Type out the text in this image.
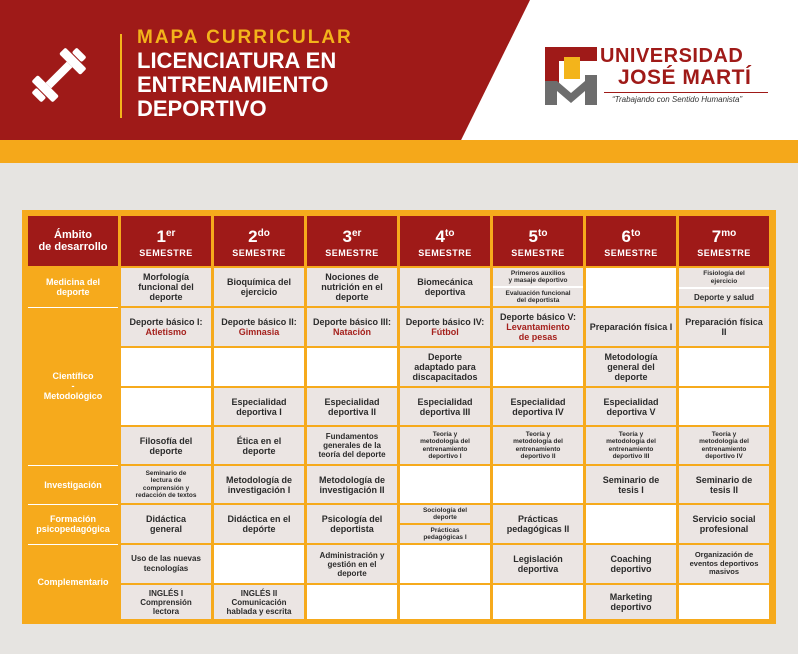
MAPA CURRICULAR
LICENCIATURA EN
ENTRENAMIENTO
DEPORTIVO
UNIVERSIDAD
JOSÉ MARTÍ
“Trabajando con Sentido Humanista”
Ámbito
de desarrollo
1er
SEMESTRE
$2^{do}$
SEMESTRE
3er
SEMESTRE
$4^{to}$
SEMESTRE
$5^{to}$
SEMESTRE
$6^{to}$
SEMESTRE
$7^{mo}$
SEMESTRE
Medicina del
deporte
Científico
-
Metodológico
Investigación
Formación
psicopedagógica
Complementario
Morfología
funcional del
deporte
Bioquímica del
ejercicio
Nociones de
nutrición en el
deporte
Biomecánica
deportiva
Primeros auxilios
y masaje deportivo
Evaluación funcional
del deportista
Fisiología del
ejercicio
Deporte y salud
Deporte básico I:
Atletismo
Deporte básico II:
Gimnasia
Deporte básico III:
Natación
Deporte básico IV:
Fútbol
Deporte básico V:
Levantamiento
de pesas
Preparación física I	Preparación física II
Deporte
adaptado para
discapacitados
Metodología
general del
deporte
Especialidad
deportiva I
Especialidad
deportiva II
Especialidad
deportiva III
Especialidad
deportiva IV
Especialidad
deportiva V
Filosofía del
deporte
Ética en el
deporte
Fundamentos
generales de la
teoría del deporte
Teoría y
metodología del
entrenamiento
deportivo I
Teoría y
metodología del
entrenamiento
deportivo II
Teoría y
metodología del
entrenamiento
deportivo III
Teoría y
metodología del
entrenamiento
deportivo IV
Seminario de
lectura de
comprensión y
redacción de textos
Metodología de
investigación I
Metodología de
investigación II
Seminario de
tesis I
Seminario de
tesis II
Didáctica
general
Didáctica en el
depórte
Psicología del
deportista
Sociología del
deporte
Prácticas
pedagógicas I
Prácticas
pedagógicas II
Servicio social
profesional
Uso de las nuevas
tecnologías
Administración y
gestión en el
deporte
Legislación
deportiva
Coaching
deportivo
Organización de
eventos deportivos
masivos
INGLÉS I
Comprensión
lectora
INGLÉS II
Comunicación
hablada y escrita
Marketing
deportivo
